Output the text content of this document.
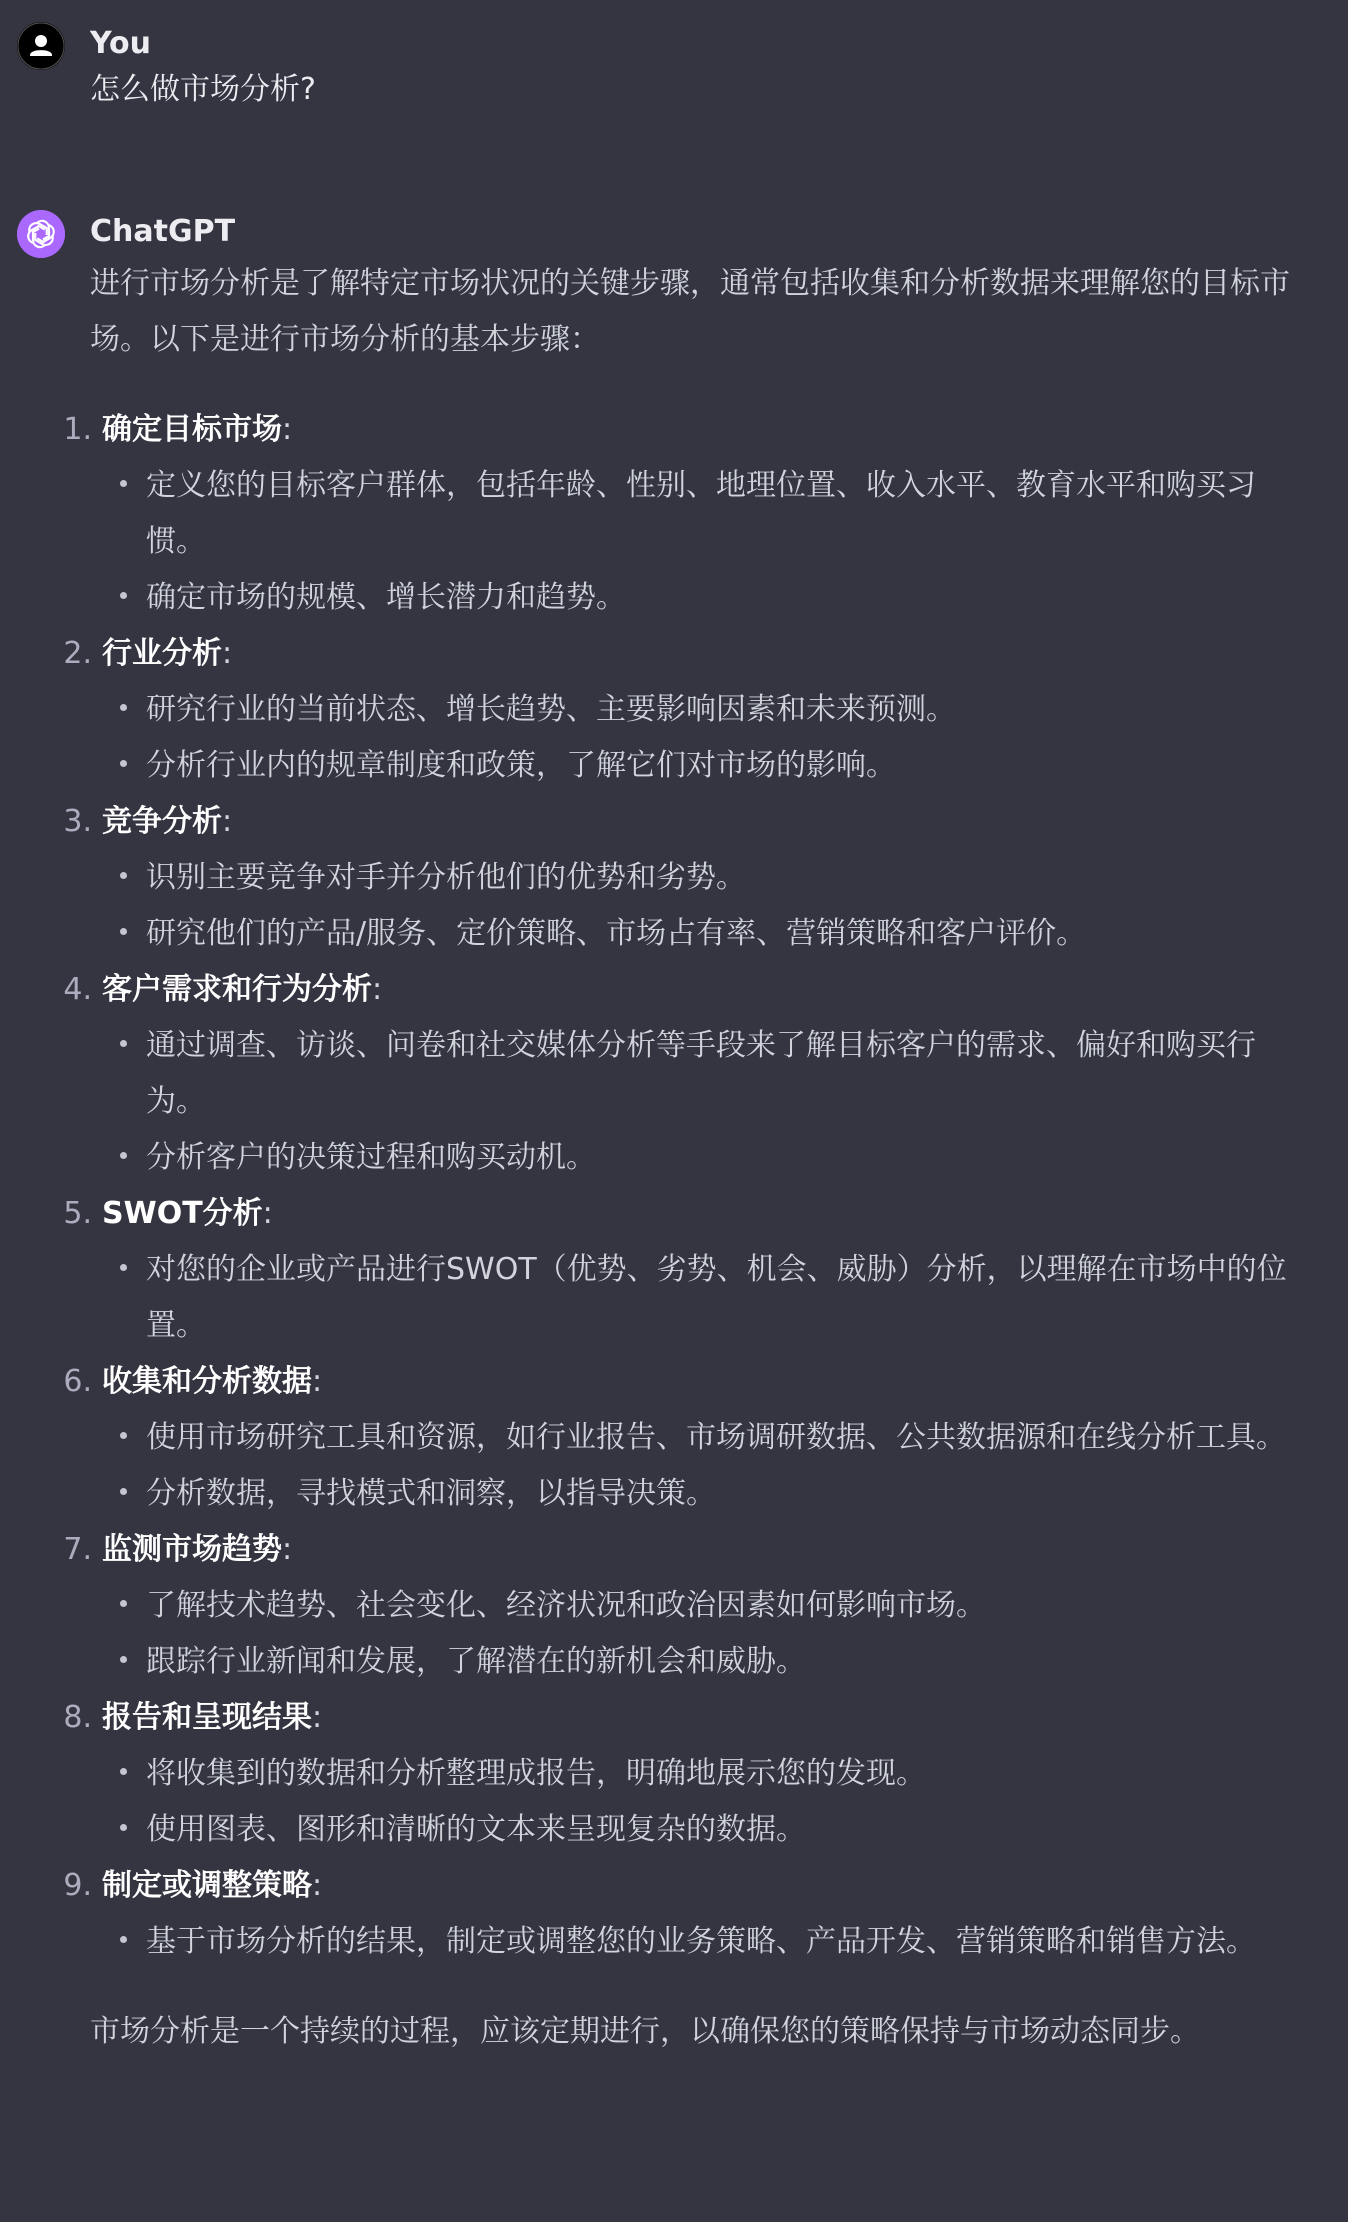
You
怎么做市场分析?
ChatGPT

进行市场分析是了解特定市场状况的关键步骤，通常包括收集和分析数据来理解您的目标市场。以下是进行市场分析的基本步骤：

1. 确定目标市场:
定义您的目标客户群体，包括年龄、性别、地理位置、收入水平、教育水平和购买习惯。
确定市场的规模、增长潜力和趋势。
2. 行业分析:
研究行业的当前状态、增长趋势、主要影响因素和未来预测。
分析行业内的规章制度和政策，了解它们对市场的影响。
3. 竞争分析:
识别主要竞争对手并分析他们的优势和劣势。
研究他们的产品/服务、定价策略、市场占有率、营销策略和客户评价。
4. 客户需求和行为分析:
通过调查、访谈、问卷和社交媒体分析等手段来了解目标客户的需求、偏好和购买行为。
分析客户的决策过程和购买动机。
5. SWOT分析:
对您的企业或产品进行SWOT（优势、劣势、机会、威胁）分析，以理解在市场中的位置。
6. 收集和分析数据:
使用市场研究工具和资源，如行业报告、市场调研数据、公共数据源和在线分析工具。
分析数据，寻找模式和洞察，以指导决策。
7. 监测市场趋势:
了解技术趋势、社会变化、经济状况和政治因素如何影响市场。
跟踪行业新闻和发展，了解潜在的新机会和威胁。
8. 报告和呈现结果:
将收集到的数据和分析整理成报告，明确地展示您的发现。
使用图表、图形和清晰的文本来呈现复杂的数据。
9. 制定或调整策略:
基于市场分析的结果，制定或调整您的业务策略、产品开发、营销策略和销售方法。

市场分析是一个持续的过程，应该定期进行，以确保您的策略保持与市场动态同步。
